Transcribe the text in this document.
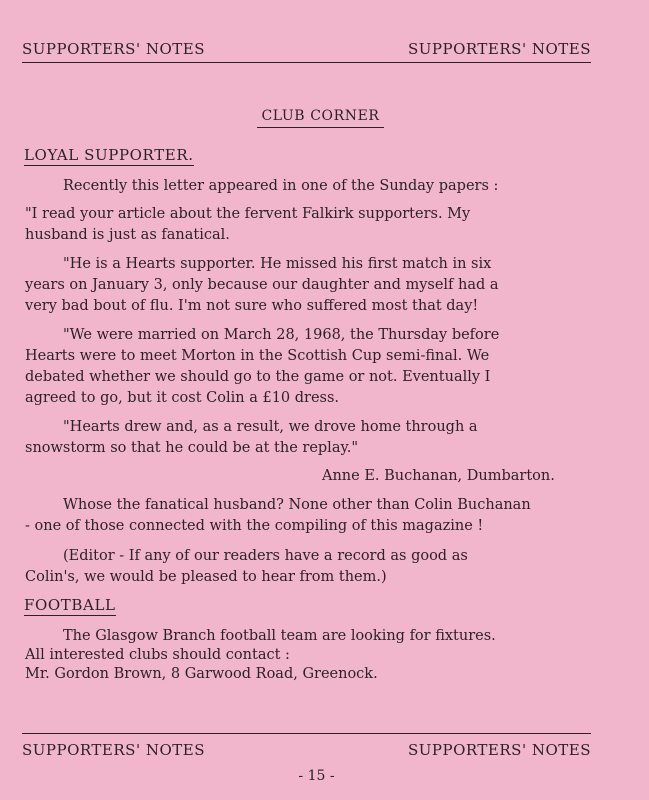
SUPPORTERS' NOTES	SUPPORTERS' NOTES
CLUB CORNER
LOYAL SUPPORTER.
Recently this letter appeared in one of the Sunday papers :
"I read your article about the fervent Falkirk supporters. My
husband is just as fanatical.
"He is a Hearts supporter. He missed his first match in six
years on January 3, only because our daughter and myself had a
very bad bout of flu. I'm not sure who suffered most that day!
"We were married on March 28, 1968, the Thursday before
Hearts were to meet Morton in the Scottish Cup semi-final. We
debated whether we should go to the game or not. Eventually I
agreed to go, but it cost Colin a £10 dress.
"Hearts drew and, as a result, we drove home through a
snowstorm so that he could be at the replay."
Anne E. Buchanan, Dumbarton.
Whose the fanatical husband? None other than Colin Buchanan
- one of those connected with the compiling of this magazine !
(Editor - If any of our readers have a record as good as
Colin's, we would be pleased to hear from them.)
FOOTBALL
The Glasgow Branch football team are looking for fixtures.
All interested clubs should contact :
Mr. Gordon Brown, 8 Garwood Road, Greenock.
SUPPORTERS' NOTES	SUPPORTERS' NOTES
- 15 -
